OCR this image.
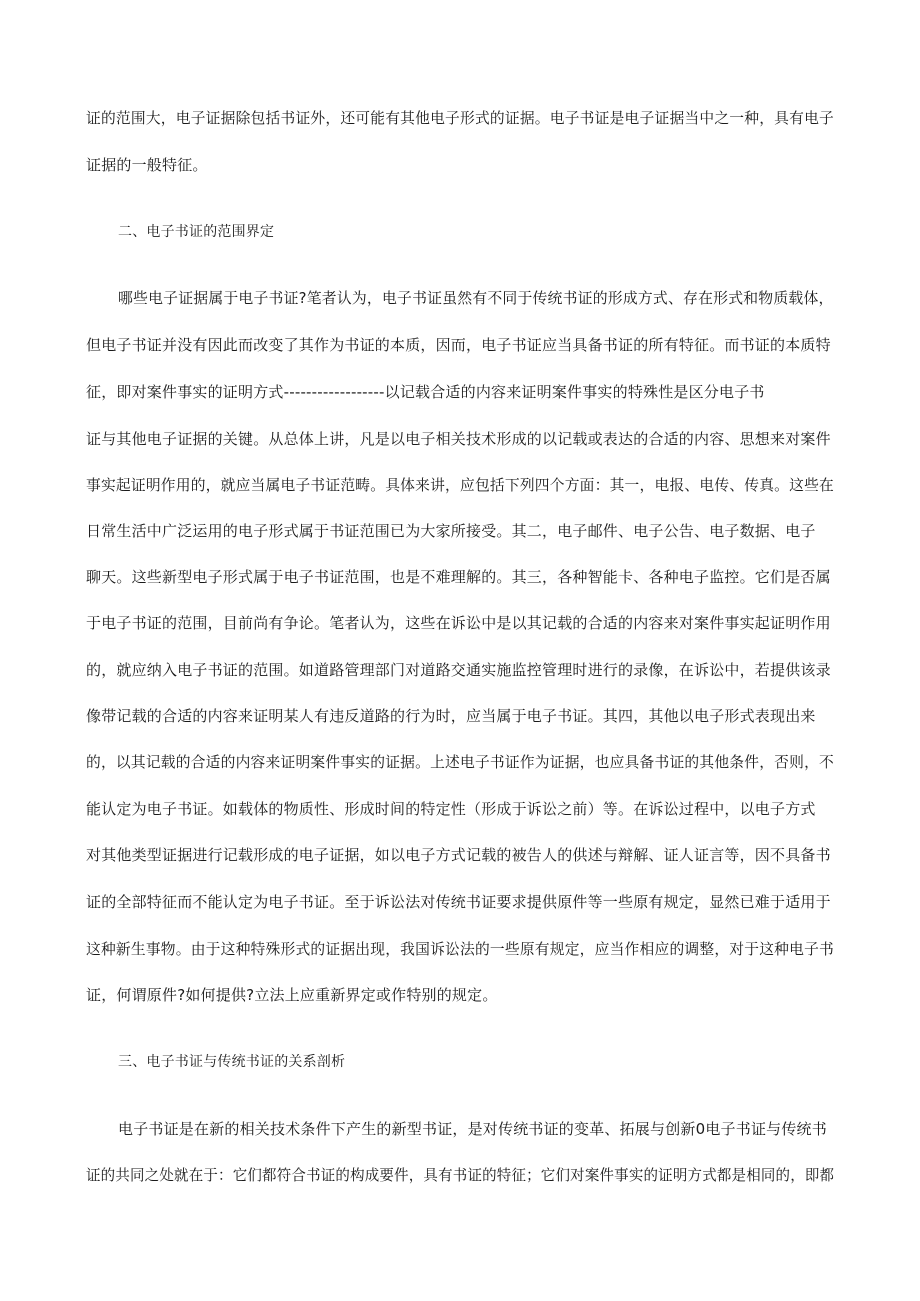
证的范围大，电子证据除包括书证外，还可能有其他电子形式的证据。电子书证是电子证据当中之一种，具有电子
证据的一般特征。
二、电子书证的范围界定
哪些电子证据属于电子书证?笔者认为，电子书证虽然有不同于传统书证的形成方式、存在形式和物质载体，
但电子书证并没有因此而改变了其作为书证的本质，因而，电子书证应当具备书证的所有特征。而书证的本质特
征，即对案件事实的证明方式------------------以记载合适的内容来证明案件事实的特殊性是区分电子书
证与其他电子证据的关键。从总体上讲，凡是以电子相关技术形成的以记载或表达的合适的内容、思想来对案件
事实起证明作用的，就应当属电子书证范畴。具体来讲，应包括下列四个方面：其一，电报、电传、传真。这些在
日常生活中广泛运用的电子形式属于书证范围已为大家所接受。其二，电子邮件、电子公告、电子数据、电子
聊天。这些新型电子形式属于电子书证范围，也是不难理解的。其三，各种智能卡、各种电子监控。它们是否属
于电子书证的范围，目前尚有争论。笔者认为，这些在诉讼中是以其记载的合适的内容来对案件事实起证明作用
的，就应纳入电子书证的范围。如道路管理部门对道路交通实施监控管理时进行的录像，在诉讼中，若提供该录
像带记载的合适的内容来证明某人有违反道路的行为时，应当属于电子书证。其四，其他以电子形式表现出来
的，以其记载的合适的内容来证明案件事实的证据。上述电子书证作为证据，也应具备书证的其他条件，否则，不
能认定为电子书证。如载体的物质性、形成时间的特定性（形成于诉讼之前）等。在诉讼过程中，以电子方式
对其他类型证据进行记载形成的电子证据，如以电子方式记载的被告人的供述与辩解、证人证言等，因不具备书
证的全部特征而不能认定为电子书证。至于诉讼法对传统书证要求提供原件等一些原有规定，显然已难于适用于
这种新生事物。由于这种特殊形式的证据出现，我国诉讼法的一些原有规定，应当作相应的调整，对于这种电子书
证，何谓原件?如何提供?立法上应重新界定或作特别的规定。
三、电子书证与传统书证的关系剖析
电子书证是在新的相关技术条件下产生的新型书证，是对传统书证的变革、拓展与创新0电子书证与传统书
证的共同之处就在于：它们都符合书证的构成要件，具有书证的特征；它们对案件事实的证明方式都是相同的，即都
